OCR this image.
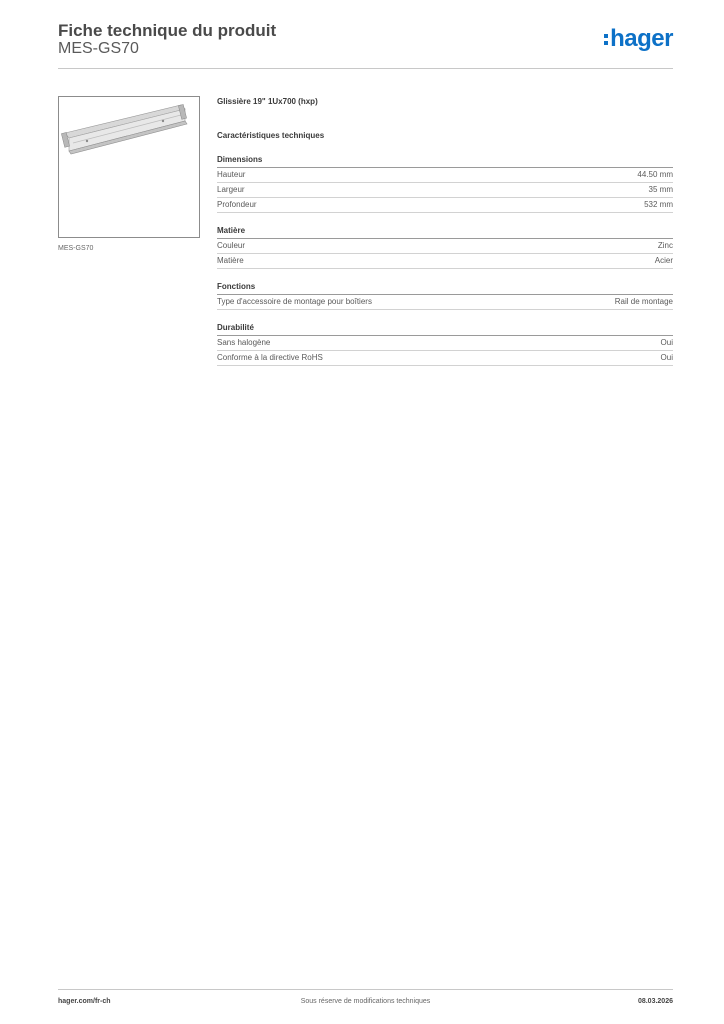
Fiche technique du produit
MES-GS70	hager
MES-GS70
Glissière 19" 1Ux700 (hxp)
Caractéristiques techniques
Dimensions
Hauteur	44.50 mm
Largeur	35 mm
Profondeur	532 mm
Matière
Couleur	Zinc
Matière	Acier
Fonctions
Type d'accessoire de montage pour boîtiers	Rail de montage
Durabilité
Sans halogène	Oui
Conforme à la directive RoHS	Oui
hager.com/fr-ch	Sous réserve de modifications techniques	08.03.2026
